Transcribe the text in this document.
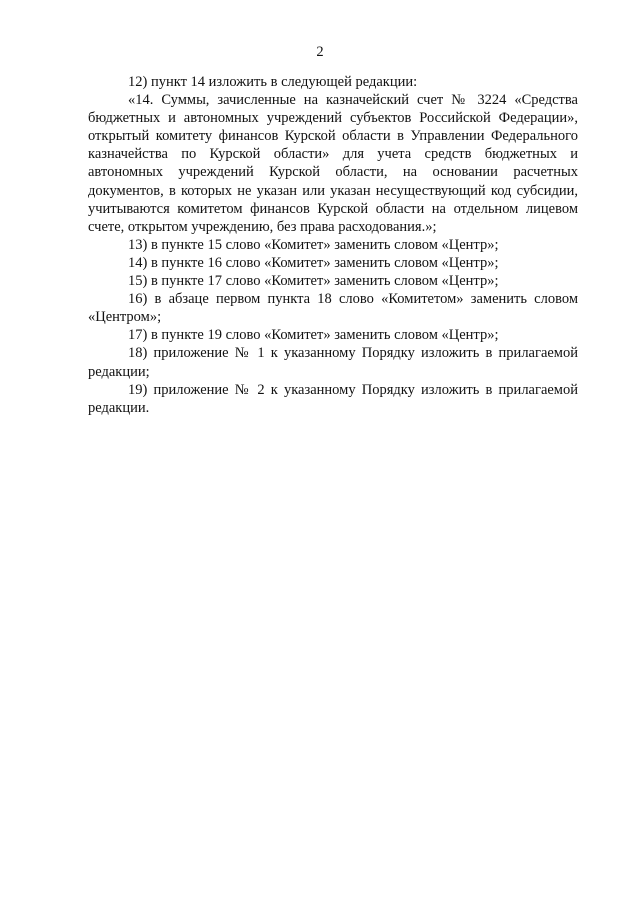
2

12) пункт 14 изложить в следующей редакции:

«14. Суммы, зачисленные на казначейский счет № 3224 «Средства бюджетных и автономных учреждений субъектов Российской Федерации», открытый комитету финансов Курской области в Управлении Федерального казначейства по Курской области» для учета средств бюджетных и автономных учреждений Курской области, на основании расчетных документов, в которых не указан или указан несуществующий код субсидии, учитываются комитетом финансов Курской области на отдельном лицевом счете, открытом учреждению, без права расходования.»;

13) в пункте 15 слово «Комитет» заменить словом «Центр»;

14) в пункте 16 слово «Комитет» заменить словом «Центр»;

15) в пункте 17 слово «Комитет» заменить словом «Центр»;

16) в абзаце первом пункта 18 слово «Комитетом» заменить словом «Центром»;

17) в пункте 19 слово «Комитет» заменить словом «Центр»;

18) приложение № 1 к указанному Порядку изложить в прилагаемой редакции;

19) приложение № 2 к указанному Порядку изложить в прилагаемой редакции.
